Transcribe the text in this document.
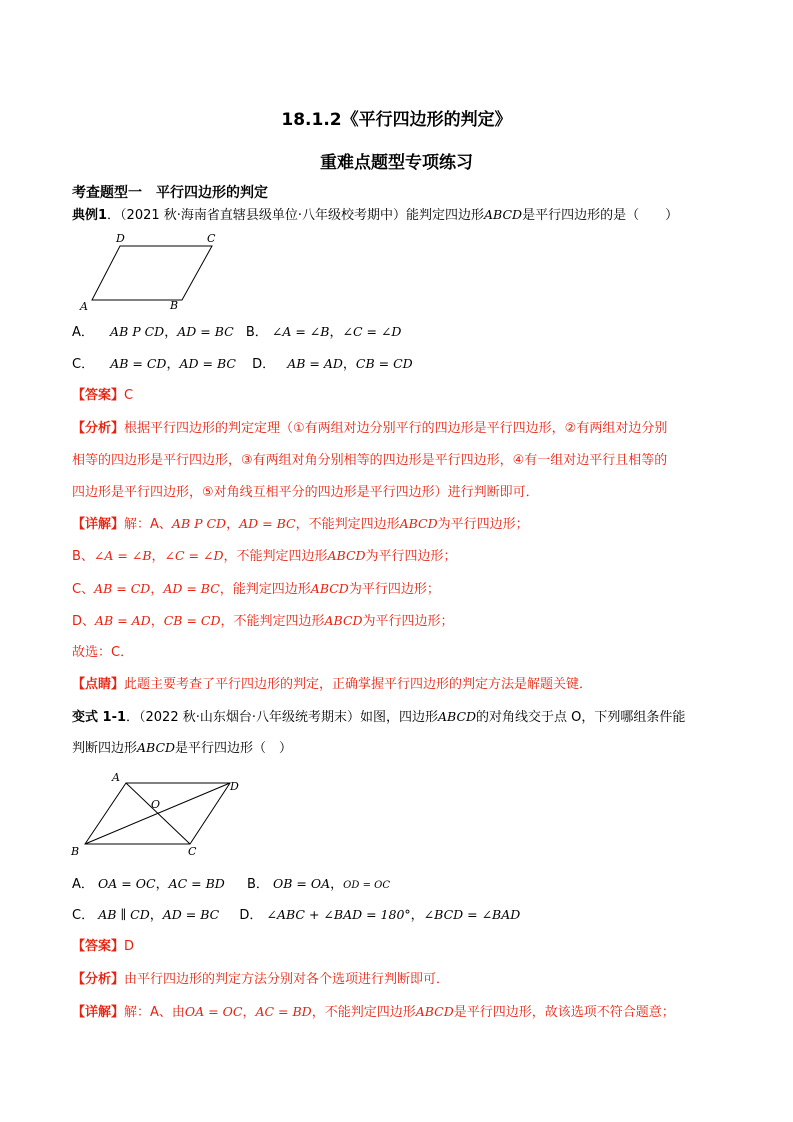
18.1.2《平行四边形的判定》
重难点题型专项练习
考查题型一　平行四边形的判定
典例1．（2021 秋·海南省直辖县级单位·八年级校考期中）能判定四边形ABCD是平行四边形的是（　　）
D	C
A	B
A． AB P CD，AD = BC B． ∠A = ∠B，∠C = ∠D
C． AB = CD，AD = BC D． AB = AD，CB = CD
【答案】C
【分析】根据平行四边形的判定定理（①有两组对边分别平行的四边形是平行四边形，②有两组对边分别
相等的四边形是平行四边形，③有两组对角分别相等的四边形是平行四边形，④有一组对边平行且相等的
四边形是平行四边形，⑤对角线互相平分的四边形是平行四边形）进行判断即可．
【详解】解：A、AB P CD，AD = BC，不能判定四边形ABCD为平行四边形；
B、∠A = ∠B，∠C = ∠D，不能判定四边形ABCD为平行四边形；
C、AB = CD，AD = BC，能判定四边形ABCD为平行四边形；
D、AB = AD，CB = CD，不能判定四边形ABCD为平行四边形；
故选：C．
【点睛】此题主要考查了平行四边形的判定，正确掌握平行四边形的判定方法是解题关键．
变式 1-1．（2022 秋·山东烟台·八年级统考期末）如图，四边形ABCD的对角线交于点 O，下列哪组条件能
判断四边形ABCD是平行四边形（　）
A
D
O
B	C
A． OA = OC，AC = BD B． OB = OA，OD = OC
C． AB ∥ CD，AD = BC D． ∠ABC + ∠BAD = 180°，∠BCD = ∠BAD
【答案】D
【分析】由平行四边形的判定方法分别对各个选项进行判断即可．
【详解】解：A、由OA = OC，AC = BD，不能判定四边形ABCD是平行四边形，故该选项不符合题意；
